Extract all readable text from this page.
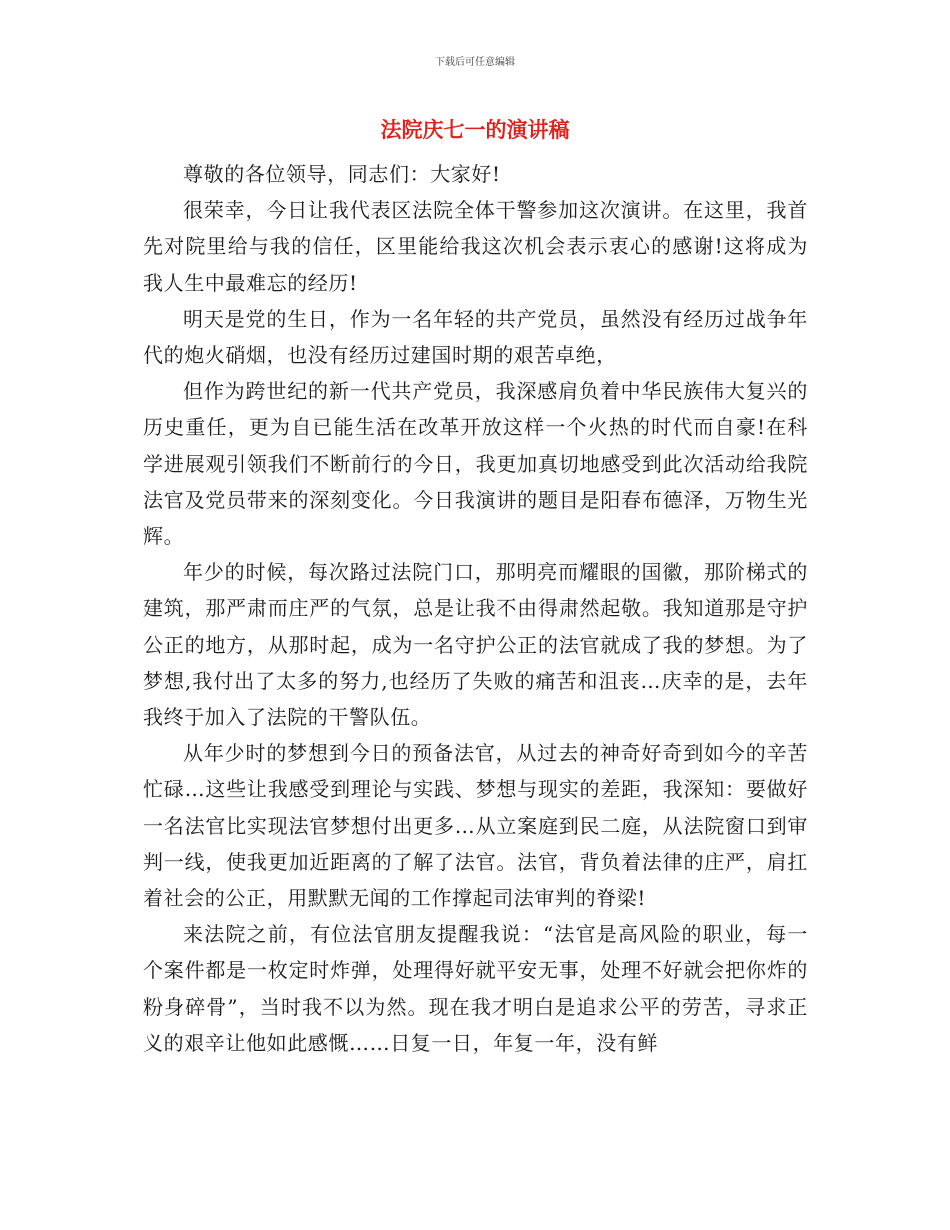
下载后可任意编辑
法院庆七一的演讲稿

尊敬的各位领导，同志们：大家好!

很荣幸，今日让我代表区法院全体干警参加这次演讲。在这里，我首先对院里给与我的信任，区里能给我这次机会表示衷心的感谢!这将成为我人生中最难忘的经历!

明天是党的生日，作为一名年轻的共产党员，虽然没有经历过战争年代的炮火硝烟，也没有经历过建国时期的艰苦卓绝，

但作为跨世纪的新一代共产党员，我深感肩负着中华民族伟大复兴的历史重任，更为自已能生活在改革开放这样一个火热的时代而自豪!在科学进展观引领我们不断前行的今日，我更加真切地感受到此次活动给我院法官及党员带来的深刻变化。今日我演讲的题目是阳春布德泽，万物生光辉。

年少的时候，每次路过法院门口，那明亮而耀眼的国徽，那阶梯式的建筑，那严肃而庄严的气氛，总是让我不由得肃然起敬。我知道那是守护公正的地方，从那时起，成为一名守护公正的法官就成了我的梦想。为了梦想,我付出了太多的努力,也经历了失败的痛苦和沮丧…庆幸的是，去年我终于加入了法院的干警队伍。

从年少时的梦想到今日的预备法官，从过去的神奇好奇到如今的辛苦忙碌…这些让我感受到理论与实践、梦想与现实的差距，我深知：要做好一名法官比实现法官梦想付出更多…从立案庭到民二庭，从法院窗口到审判一线，使我更加近距离的了解了法官。法官，背负着法律的庄严，肩扛着社会的公正，用默默无闻的工作撑起司法审判的脊梁!

来法院之前，有位法官朋友提醒我说：“法官是高风险的职业，每一个案件都是一枚定时炸弹，处理得好就平安无事，处理不好就会把你炸的粉身碎骨”，当时我不以为然。现在我才明白是追求公平的劳苦，寻求正义的艰辛让他如此感慨……日复一日，年复一年，没有鲜
